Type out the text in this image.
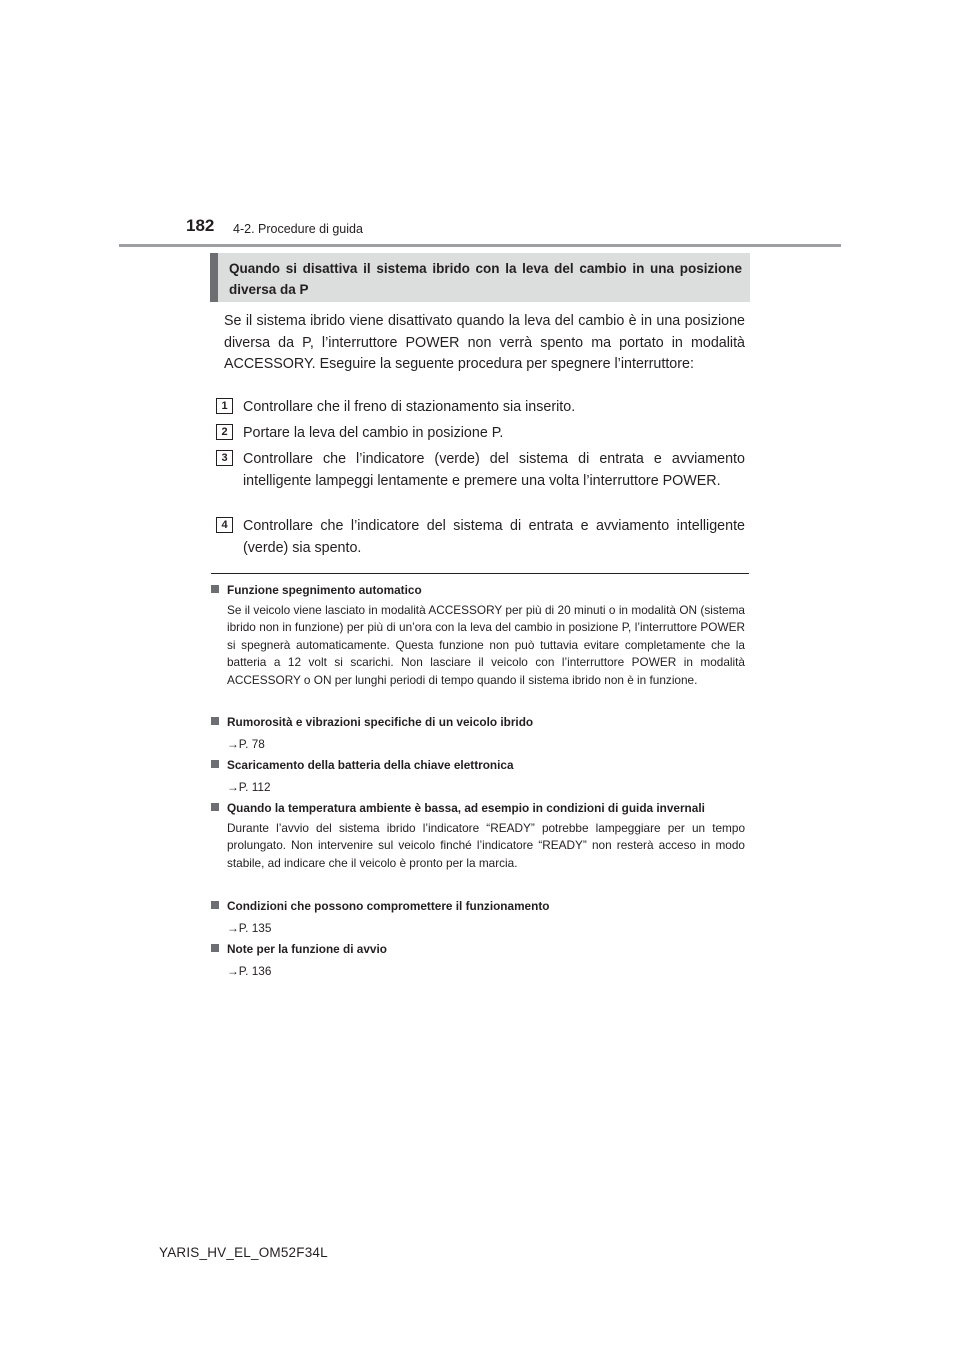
182 4-2. Procedure di guida

Quando si disattiva il sistema ibrido con la leva del cambio in una posizione diversa da P

Se il sistema ibrido viene disattivato quando la leva del cambio è in una posizione diversa da P, l’interruttore POWER non verrà spento ma portato in modalità ACCESSORY. Eseguire la seguente procedura per spegnere l’interruttore:

1	Controllare che il freno di stazionamento sia inserito.

2	Portare la leva del cambio in posizione P.

3	Controllare che l’indicatore (verde) del sistema di entrata e avviamento intelligente lampeggi lentamente e premere una volta l’interruttore POWER.

4	Controllare che l’indicatore del sistema di entrata e avviamento intelligente (verde) sia spento.

Funzione spegnimento automatico

Se il veicolo viene lasciato in modalità ACCESSORY per più di 20 minuti o in modalità ON (sistema ibrido non in funzione) per più di un’ora con la leva del cambio in posizione P, l’interruttore POWER si spegnerà automaticamente. Questa funzione non può tuttavia evitare completamente che la batteria a 12 volt si scarichi. Non lasciare il veicolo con l’interruttore POWER in modalità ACCESSORY o ON per lunghi periodi di tempo quando il sistema ibrido non è in funzione.

Rumorosità e vibrazioni specifiche di un veicolo ibrido

→P. 78

Scaricamento della batteria della chiave elettronica

→P. 112

Quando la temperatura ambiente è bassa, ad esempio in condizioni di guida invernali

Durante l’avvio del sistema ibrido l’indicatore “READY” potrebbe lampeggiare per un tempo prolungato. Non intervenire sul veicolo finché l’indicatore “READY” non resterà acceso in modo stabile, ad indicare che il veicolo è pronto per la marcia.

Condizioni che possono compromettere il funzionamento

→P. 135

Note per la funzione di avvio

→P. 136

YARIS_HV_EL_OM52F34L
